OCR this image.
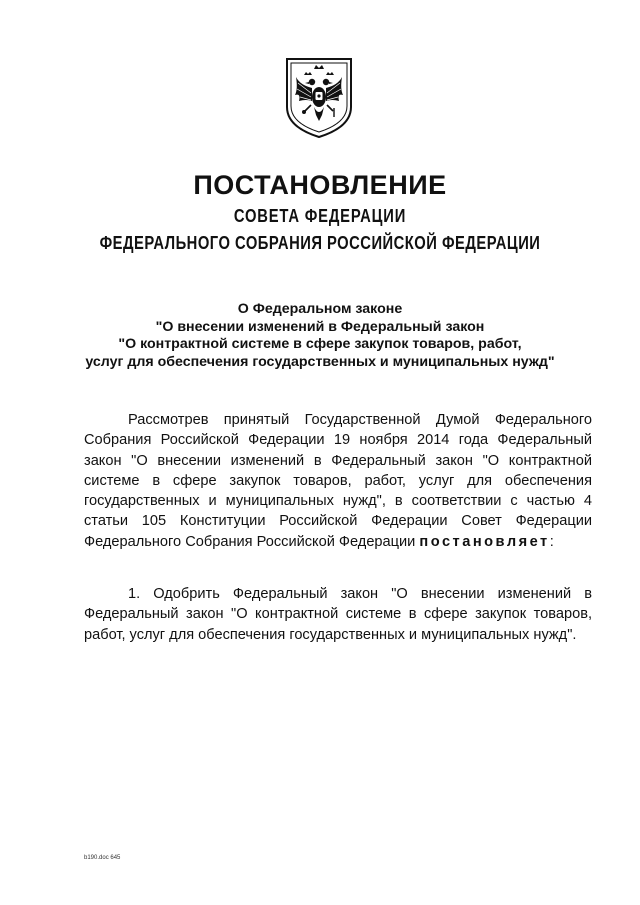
ПОСТАНОВЛЕНИЕ
СОВЕТА ФЕДЕРАЦИИ
ФЕДЕРАЛЬНОГО СОБРАНИЯ РОССИЙСКОЙ ФЕДЕРАЦИИ
О Федеральном законе
"О внесении изменений в Федеральный закон
"О контрактной системе в сфере закупок товаров, работ,
услуг для обеспечения государственных и муниципальных нужд"

Рассмотрев принятый Государственной Думой Федерального Собрания Российской Федерации 19 ноября 2014 года Федеральный закон "О внесении изменений в Федеральный закон "О контрактной системе в сфере закупок товаров, работ, услуг для обеспечения государственных и муниципальных нужд", в соответствии с частью 4 статьи 105 Конституции Российской Федерации Совет Федерации Федерального Собрания Российской Федерации постановляет:

1. Одобрить Федеральный закон "О внесении изменений в Федеральный закон "О контрактной системе в сфере закупок товаров, работ, услуг для обеспечения государственных и муниципальных нужд".

b190.doc 645
